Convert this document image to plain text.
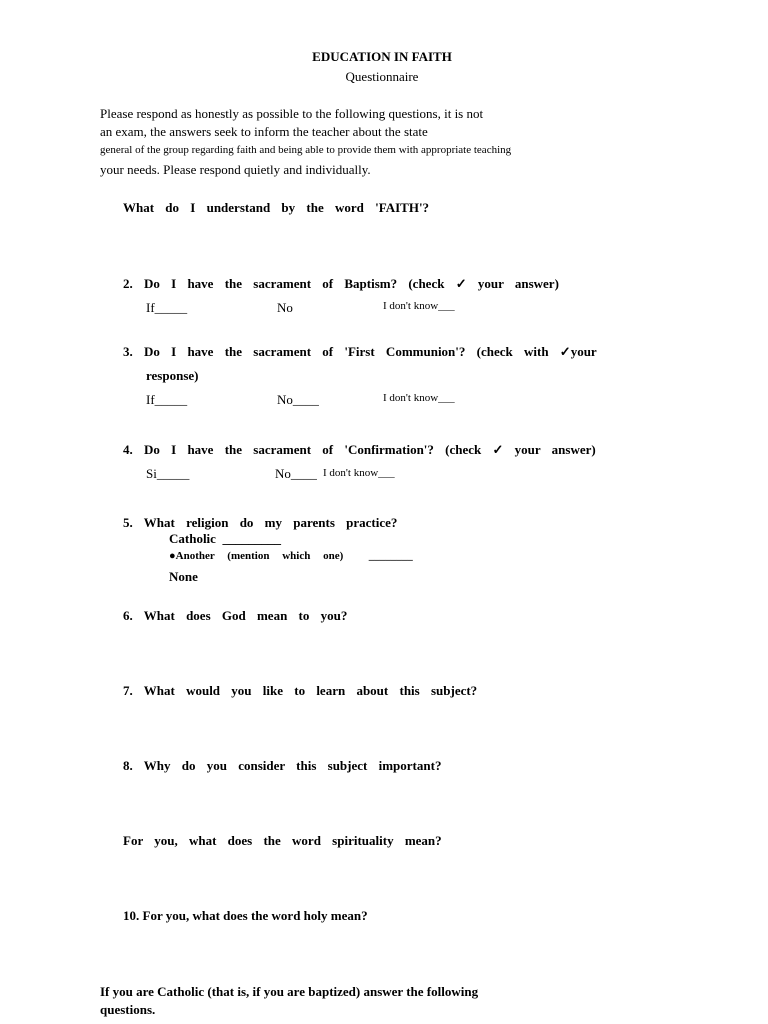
EDUCATION IN FAITH
Questionnaire
Please respond as honestly as possible to the following questions, it is not
an exam, the answers seek to inform the teacher about the state
general of the group regarding faith and being able to provide them with appropriate teaching
your needs. Please respond quietly and individually.
What do I understand by the word 'FAITH'?
2. Do I have the sacrament of Baptism? (check ✓ your answer)
If_____	No	I don't know___
3. Do I have the sacrament of 'First Communion'? (check with ✓your
response)
If_____	No____	I don't know___
4. Do I have the sacrament of 'Confirmation'? (check ✓ your answer)
Si_____	No____ I don't know___
5. What religion do my parents practice?
Catholic  _________
●Another (mention which one)  ________
None
6. What does God mean to you?
7. What would you like to learn about this subject?
8. Why do you consider this subject important?
For you, what does the word spirituality mean?
10. For you, what does the word holy mean?
If you are Catholic (that is, if you are baptized) answer the following
questions.
